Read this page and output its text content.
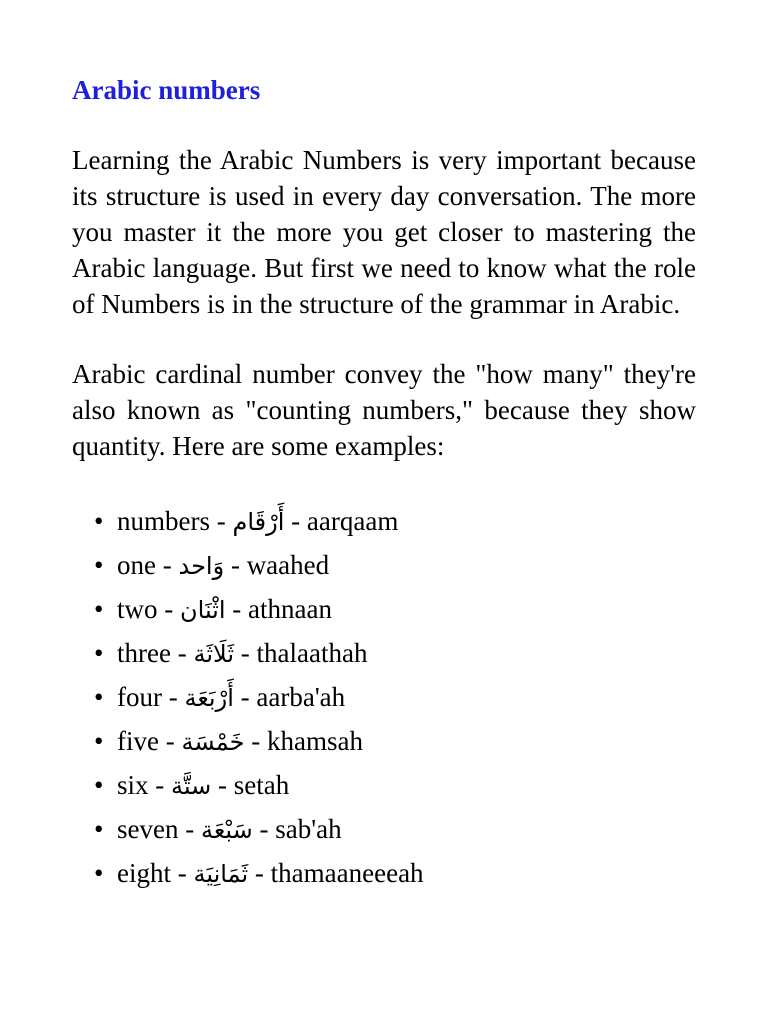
Arabic numbers

Learning the Arabic Numbers is very important because its structure is used in every day conversation. The more you master it the more you get closer to mastering the Arabic language. But first we need to know what the role of Numbers is in the structure of the grammar in Arabic.

Arabic cardinal number convey the "how many" they're also known as "counting numbers," because they show quantity. Here are some examples:

• numbers - أَرْقَام - aarqaam
• one - وَاحد - waahed
• two - اثْنَان - athnaan
• three - ثَلَاثَة - thalaathah
• four - أَرْبَعَة - aarba'ah
• five - خَمْسَة - khamsah
• six - ستَّة - setah
• seven - سَبْعَة - sab'ah
• eight - ثَمَانِيَة - thamaaneeeah
